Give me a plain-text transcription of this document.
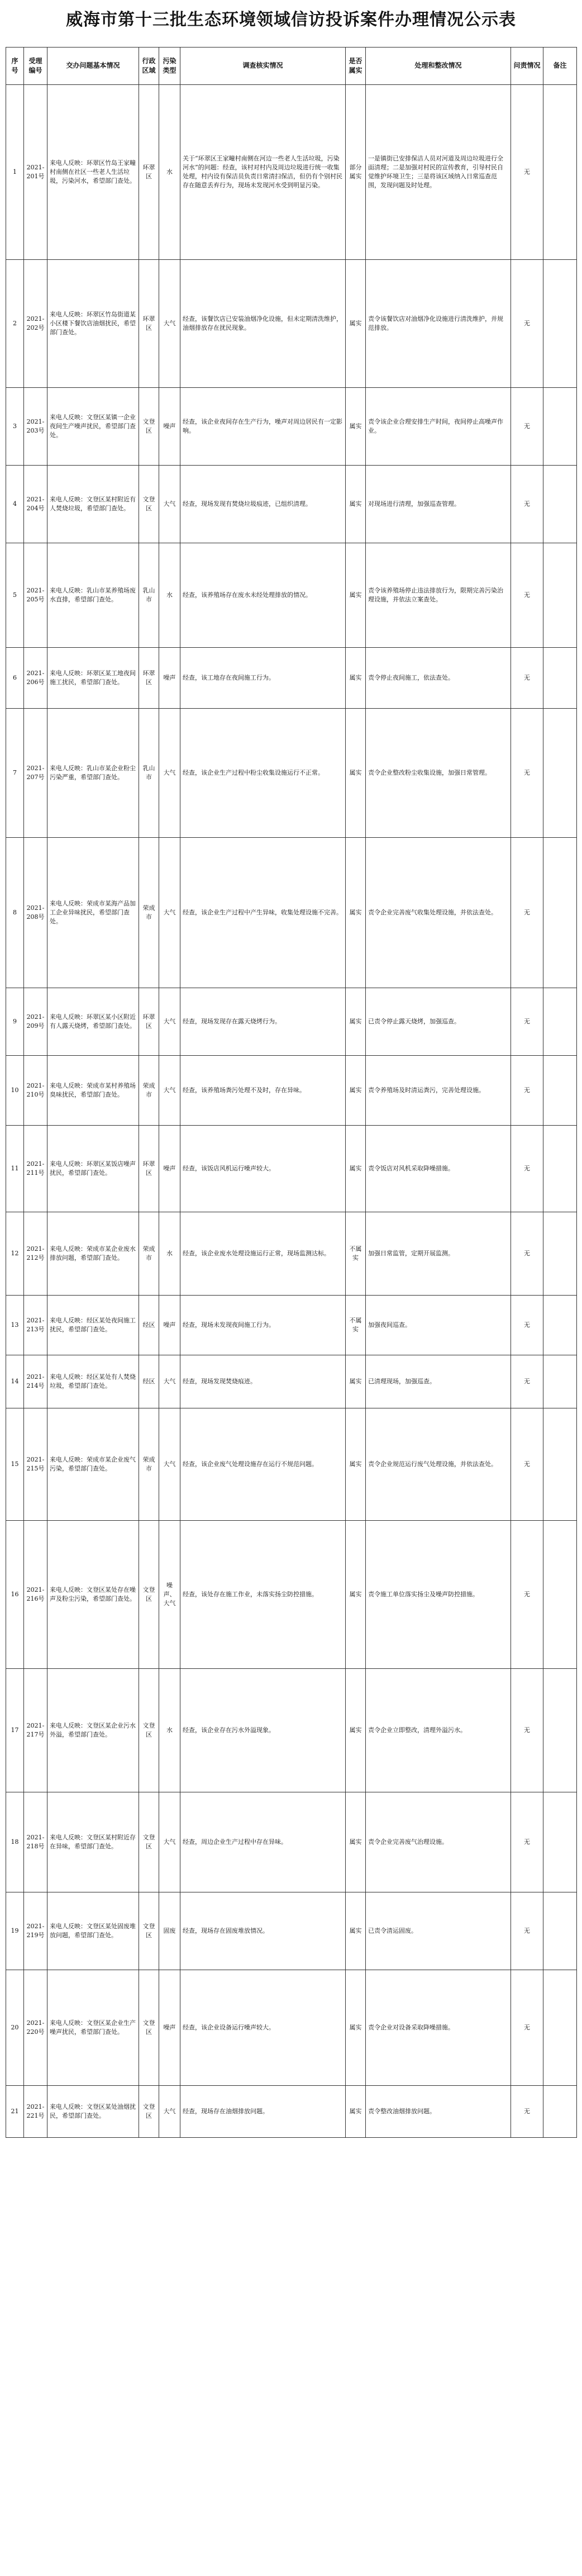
威海市第十三批生态环境领域信访投诉案件办理情况公示表
序号	受理编号	交办问题基本情况	行政区域	污染类型	调查核实情况	是否属实	处理和整改情况	问责情况	备注
1	2021-201号	来电人反映：环翠区竹岛王家疃村南侧在社区一些老人生活垃圾，污染河水，希望部门查处。	环翠区	水	关于“环翠区王家疃村南侧在河边一些老人生活垃圾，污染河水”的问题：经查，该村对村内及周边垃圾进行统一收集处理，村内设有保洁员负责日常清扫保洁，但仍有个别村民存在随意丢弃行为，现场未发现河水受到明显污染。	部分属实	一是镇街已安排保洁人员对河道及周边垃圾进行全面清理；二是加强对村民的宣传教育，引导村民自觉维护环境卫生；三是将该区域纳入日常巡查范围，发现问题及时处理。	无	
2	2021-202号	来电人反映：环翠区竹岛街道某小区楼下餐饮店油烟扰民，希望部门查处。	环翠区	大气	经查，该餐饮店已安装油烟净化设施，但未定期清洗维护，油烟排放存在扰民现象。	属实	责令该餐饮店对油烟净化设施进行清洗维护，并规范排放。	无	
3	2021-203号	来电人反映：文登区某镇一企业夜间生产噪声扰民，希望部门查处。	文登区	噪声	经查，该企业夜间存在生产行为，噪声对周边居民有一定影响。	属实	责令该企业合理安排生产时间，夜间停止高噪声作业。	无	
4	2021-204号	来电人反映：文登区某村附近有人焚烧垃圾，希望部门查处。	文登区	大气	经查，现场发现有焚烧垃圾痕迹，已组织清理。	属实	对现场进行清理，加强巡查管理。	无	
5	2021-205号	来电人反映：乳山市某养殖场废水直排，希望部门查处。	乳山市	水	经查，该养殖场存在废水未经处理排放的情况。	属实	责令该养殖场停止违法排放行为，限期完善污染治理设施，并依法立案查处。	无	
6	2021-206号	来电人反映：环翠区某工地夜间施工扰民，希望部门查处。	环翠区	噪声	经查，该工地存在夜间施工行为。	属实	责令停止夜间施工，依法查处。	无	
7	2021-207号	来电人反映：乳山市某企业粉尘污染严重，希望部门查处。	乳山市	大气	经查，该企业生产过程中粉尘收集设施运行不正常。	属实	责令企业整改粉尘收集设施，加强日常管理。	无	
8	2021-208号	来电人反映：荣成市某海产品加工企业异味扰民，希望部门查处。	荣成市	大气	经查，该企业生产过程中产生异味，收集处理设施不完善。	属实	责令企业完善废气收集处理设施，并依法查处。	无	
9	2021-209号	来电人反映：环翠区某小区附近有人露天烧烤，希望部门查处。	环翠区	大气	经查，现场发现存在露天烧烤行为。	属实	已责令停止露天烧烤，加强巡查。	无	
10	2021-210号	来电人反映：荣成市某村养殖场臭味扰民，希望部门查处。	荣成市	大气	经查，该养殖场粪污处理不及时，存在异味。	属实	责令养殖场及时清运粪污，完善处理设施。	无	
11	2021-211号	来电人反映：环翠区某饭店噪声扰民，希望部门查处。	环翠区	噪声	经查，该饭店风机运行噪声较大。	属实	责令饭店对风机采取降噪措施。	无	
12	2021-212号	来电人反映：荣成市某企业废水排放问题，希望部门查处。	荣成市	水	经查，该企业废水处理设施运行正常，现场监测达标。	不属实	加强日常监管，定期开展监测。	无	
13	2021-213号	来电人反映：经区某处夜间施工扰民，希望部门查处。	经区	噪声	经查，现场未发现夜间施工行为。	不属实	加强夜间巡查。	无	
14	2021-214号	来电人反映：经区某处有人焚烧垃圾，希望部门查处。	经区	大气	经查，现场发现焚烧痕迹。	属实	已清理现场，加强巡查。	无	
15	2021-215号	来电人反映：荣成市某企业废气污染，希望部门查处。	荣成市	大气	经查，该企业废气处理设施存在运行不规范问题。	属实	责令企业规范运行废气处理设施，并依法查处。	无	
16	2021-216号	来电人反映：文登区某处存在噪声及粉尘污染，希望部门查处。	文登区	噪声、大气	经查，该处存在施工作业，未落实扬尘防控措施。	属实	责令施工单位落实扬尘及噪声防控措施。	无	
17	2021-217号	来电人反映：文登区某企业污水外溢，希望部门查处。	文登区	水	经查，该企业存在污水外溢现象。	属实	责令企业立即整改，清理外溢污水。	无	
18	2021-218号	来电人反映：文登区某村附近存在异味，希望部门查处。	文登区	大气	经查，周边企业生产过程中存在异味。	属实	责令企业完善废气治理设施。	无	
19	2021-219号	来电人反映：文登区某处固废堆放问题，希望部门查处。	文登区	固废	经查，现场存在固废堆放情况。	属实	已责令清运固废。	无	
20	2021-220号	来电人反映：文登区某企业生产噪声扰民，希望部门查处。	文登区	噪声	经查，该企业设备运行噪声较大。	属实	责令企业对设备采取降噪措施。	无	
21	2021-221号	来电人反映：文登区某处油烟扰民，希望部门查处。	文登区	大气	经查，现场存在油烟排放问题。	属实	责令整改油烟排放问题。	无	
